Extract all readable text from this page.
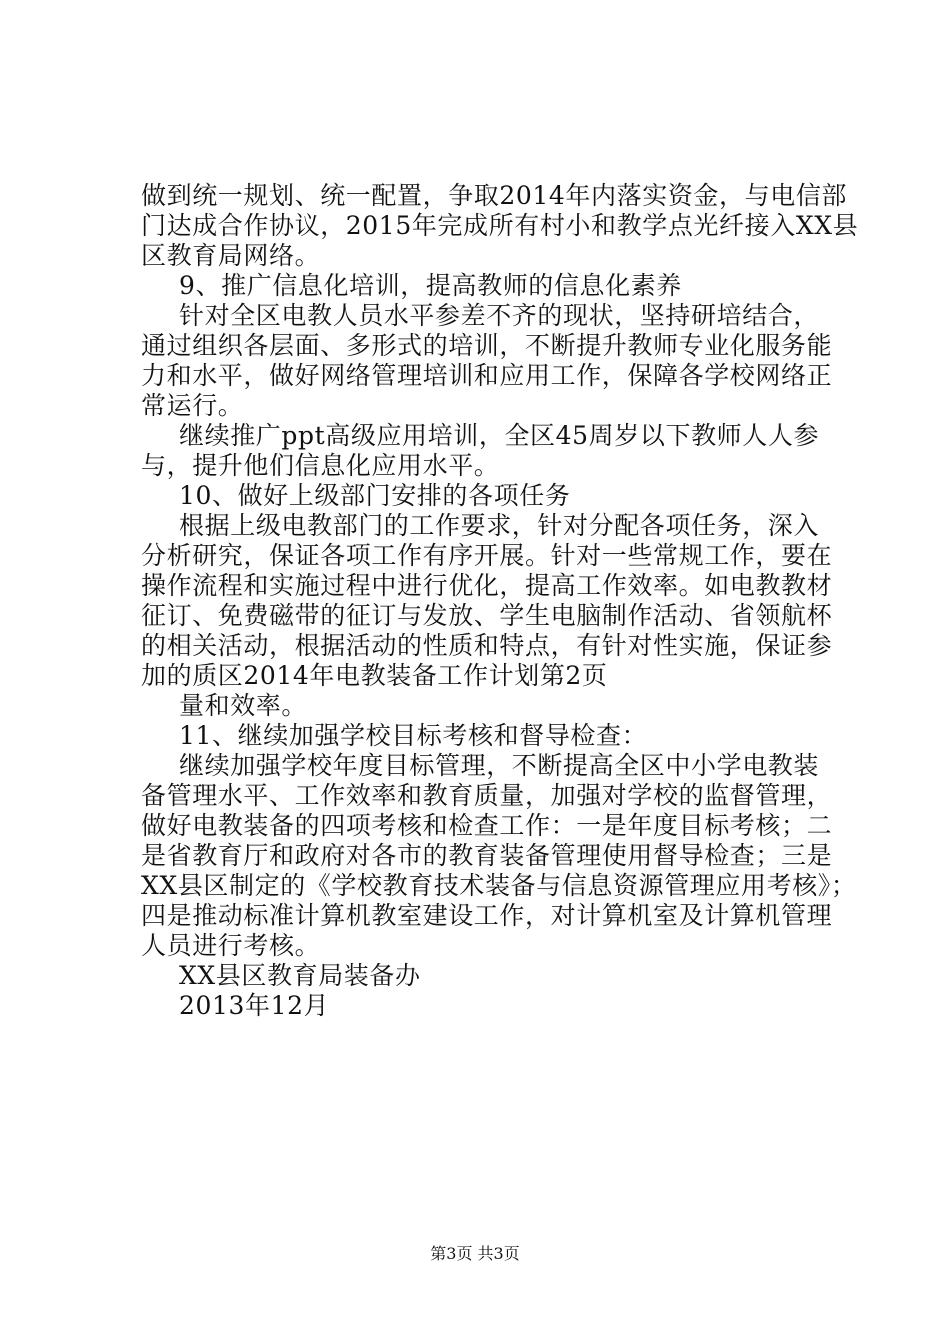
做到统一规划、统一配置，争取2014年内落实资金，与电信部
门达成合作协议，2015年完成所有村小和教学点光纤接入XX县
区教育局网络。
9、推广信息化培训，提高教师的信息化素养
针对全区电教人员水平参差不齐的现状，坚持研培结合，
通过组织各层面、多形式的培训，不断提升教师专业化服务能
力和水平，做好网络管理培训和应用工作，保障各学校网络正
常运行。
继续推广ppt高级应用培训，全区45周岁以下教师人人参
与，提升他们信息化应用水平。
10、做好上级部门安排的各项任务
根据上级电教部门的工作要求，针对分配各项任务，深入
分析研究，保证各项工作有序开展。针对一些常规工作，要在
操作流程和实施过程中进行优化，提高工作效率。如电教教材
征订、免费磁带的征订与发放、学生电脑制作活动、省领航杯
的相关活动，根据活动的性质和特点，有针对性实施，保证参
加的质区2014年电教装备工作计划第2页
量和效率。
11、继续加强学校目标考核和督导检查：
继续加强学校年度目标管理，不断提高全区中小学电教装
备管理水平、工作效率和教育质量，加强对学校的监督管理，
做好电教装备的四项考核和检查工作：一是年度目标考核；二
是省教育厅和政府对各市的教育装备管理使用督导检查；三是
XX县区制定的《学校教育技术装备与信息资源管理应用考核》；
四是推动标准计算机教室建设工作，对计算机室及计算机管理
人员进行考核。
XX县区教育局装备办
2013年12月
第3页 共3页
